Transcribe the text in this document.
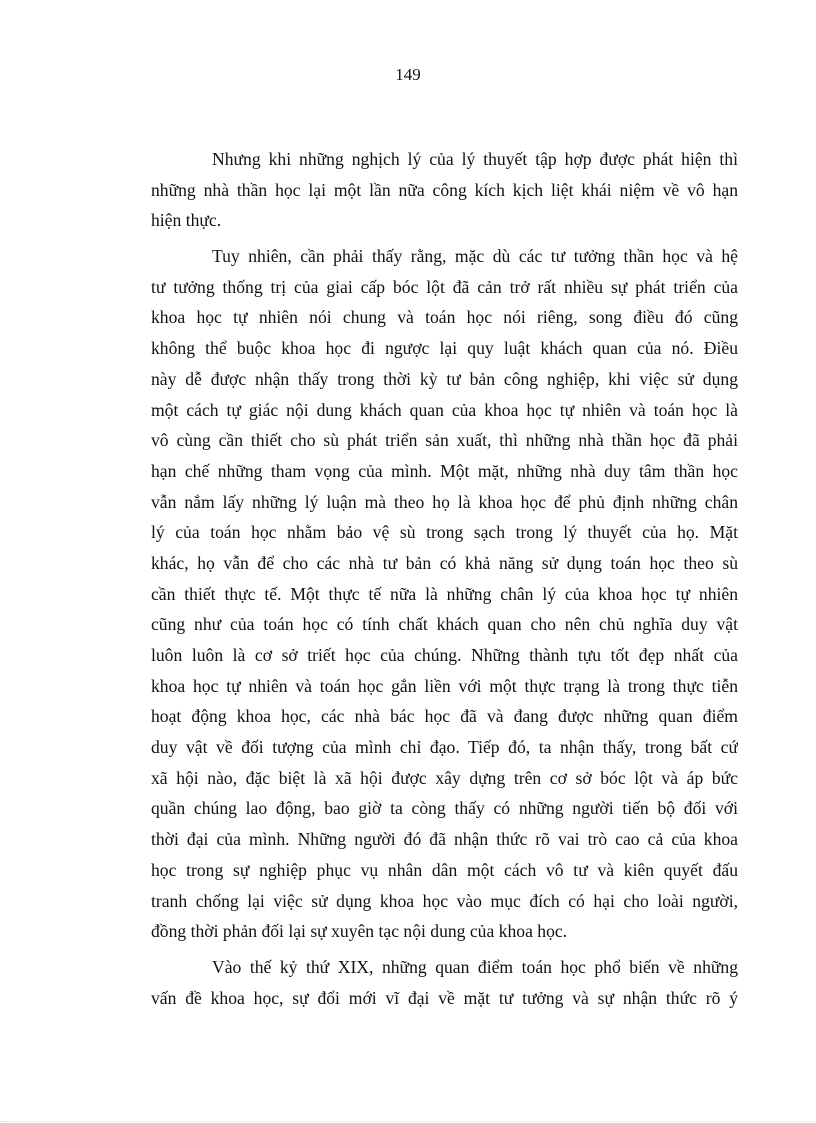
149

Nhưng khi những nghịch lý của lý thuyết tập hợp được phát hiện thì
những nhà thần học lại một lần nữa công kích kịch liệt khái niệm về vô hạn
hiện thực.

Tuy nhiên, cần phải thấy rằng, mặc dù các tư tưởng thần học và hệ
tư tưởng thống trị của giai cấp bóc lột đã cản trở rất nhiều sự phát triển của
khoa học tự nhiên nói chung và toán học nói riêng, song điều đó cũng
không thể buộc khoa học đi ngược lại quy luật khách quan của nó. Điều
này dễ được nhận thấy trong thời kỳ tư bản công nghiệp, khi việc sử dụng
một cách tự giác nội dung khách quan của khoa học tự nhiên và toán học là
vô cùng cần thiết cho sù phát triển sản xuất, thì những nhà thần học đã phải
hạn chế những tham vọng của mình. Một mặt, những nhà duy tâm thần học
vẫn nắm lấy những lý luận mà theo họ là khoa học để phủ định những chân
lý của toán học nhằm bảo vệ sù trong sạch trong lý thuyết của họ. Mặt
khác, họ vẫn để cho các nhà tư bản có khả năng sử dụng toán học theo sù
cần thiết thực tế. Một thực tế nữa là những chân lý của khoa học tự nhiên
cũng như của toán học có tính chất khách quan cho nên chủ nghĩa duy vật
luôn luôn là cơ sở triết học của chúng. Những thành tựu tốt đẹp nhất của
khoa học tự nhiên và toán học gắn liền với một thực trạng là trong thực tiễn
hoạt động khoa học, các nhà bác học đã và đang được những quan điểm
duy vật về đối tượng của mình chỉ đạo. Tiếp đó, ta nhận thấy, trong bất cứ
xã hội nào, đặc biệt là xã hội được xây dựng trên cơ sở bóc lột và áp bức
quần chúng lao động, bao giờ ta còng thấy có những người tiến bộ đối với
thời đại của mình. Những người đó đã nhận thức rõ vai trò cao cả của khoa
học trong sự nghiệp phục vụ nhân dân một cách vô tư và kiên quyết đấu
tranh chống lại việc sử dụng khoa học vào mục đích có hại cho loài người,
đồng thời phản đối lại sự xuyên tạc nội dung của khoa học.

Vào thế kỷ thứ XIX, những quan điểm toán học phổ biến về những
vấn đề khoa học, sự đổi mới vĩ đại về mặt tư tưởng và sự nhận thức rõ ý
